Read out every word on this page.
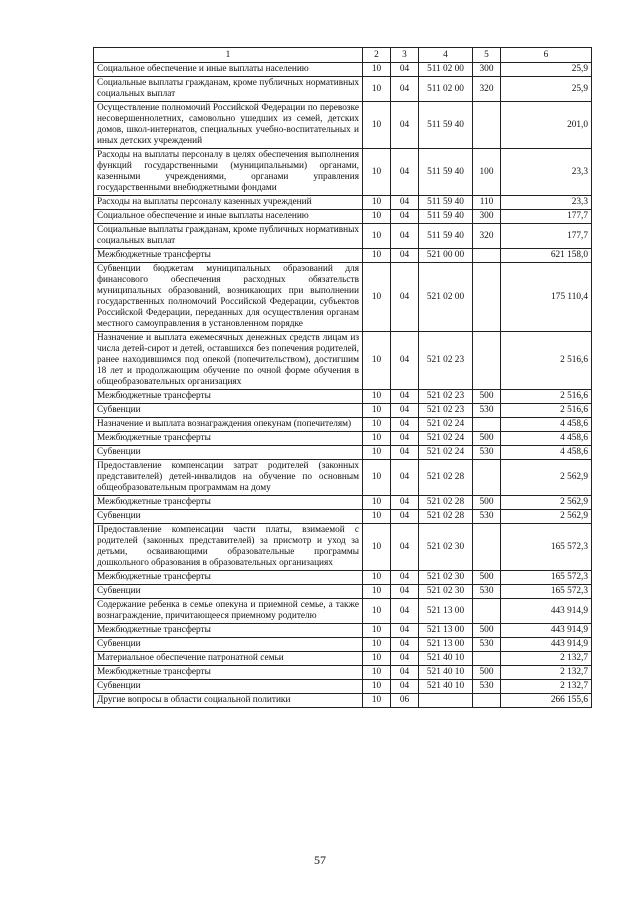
1	2	3	4	5	6
Социальное обеспечение и иные выплаты населению	10	04	511 02 00	300	25,9
Социальные выплаты гражданам, кроме публичных нормативных социальных выплат	10	04	511 02 00	320	25,9
Осуществление полномочий Российской Федерации по перевозке несовершеннолетних, самовольно ушедших из семей, детских домов, школ-интернатов, специальных учебно-воспитательных и иных детских учреждений	10	04	511 59 40		201,0
Расходы на выплаты персоналу в целях обеспечения выполнения функций государственными (муниципальными) органами, казенными учреждениями, органами управления государственными внебюджетными фондами	10	04	511 59 40	100	23,3
Расходы на выплаты персоналу казенных учреждений	10	04	511 59 40	110	23,3
Социальное обеспечение и иные выплаты населению	10	04	511 59 40	300	177,7
Социальные выплаты гражданам, кроме публичных нормативных социальных выплат	10	04	511 59 40	320	177,7
Межбюджетные трансферты	10	04	521 00 00		621 158,0
Субвенции бюджетам муниципальных образований для финансового обеспечения расходных обязательств муниципальных образований, возникающих при выполнении государственных полномочий Российской Федерации, субъектов Российской Федерации, переданных для осуществления органам местного самоуправления в установленном порядке	10	04	521 02 00		175 110,4
Назначение и выплата ежемесячных денежных средств лицам из числа детей-сирот и детей, оставшихся без попечения родителей, ранее находившимся под опекой (попечительством), достигшим 18 лет и продолжающим обучение по очной форме обучения в общеобразовательных организациях	10	04	521 02 23		2 516,6
Межбюджетные трансферты	10	04	521 02 23	500	2 516,6
Субвенции	10	04	521 02 23	530	2 516,6
Назначение и выплата вознаграждения опекунам (попечителям)	10	04	521 02 24		4 458,6
Межбюджетные трансферты	10	04	521 02 24	500	4 458,6
Субвенции	10	04	521 02 24	530	4 458,6
Предоставление компенсации затрат родителей (законных представителей) детей-инвалидов на обучение по основным общеобразовательным программам на дому	10	04	521 02 28		2 562,9
Межбюджетные трансферты	10	04	521 02 28	500	2 562,9
Субвенции	10	04	521 02 28	530	2 562,9
Предоставление компенсации части платы, взимаемой с родителей (законных представителей) за присмотр и уход за детьми, осваивающими образовательные программы дошкольного образования в образовательных организациях	10	04	521 02 30		165 572,3
Межбюджетные трансферты	10	04	521 02 30	500	165 572,3
Субвенции	10	04	521 02 30	530	165 572,3
Содержание ребенка в семье опекуна и приемной семье, а также вознаграждение, причитающееся приемному родителю	10	04	521 13 00		443 914,9
Межбюджетные трансферты	10	04	521 13 00	500	443 914,9
Субвенции	10	04	521 13 00	530	443 914,9
Материальное обеспечение патронатной семьи	10	04	521 40 10		2 132,7
Межбюджетные трансферты	10	04	521 40 10	500	2 132,7
Субвенции	10	04	521 40 10	530	2 132,7
Другие вопросы в области социальной политики	10	06			266 155,6
57
